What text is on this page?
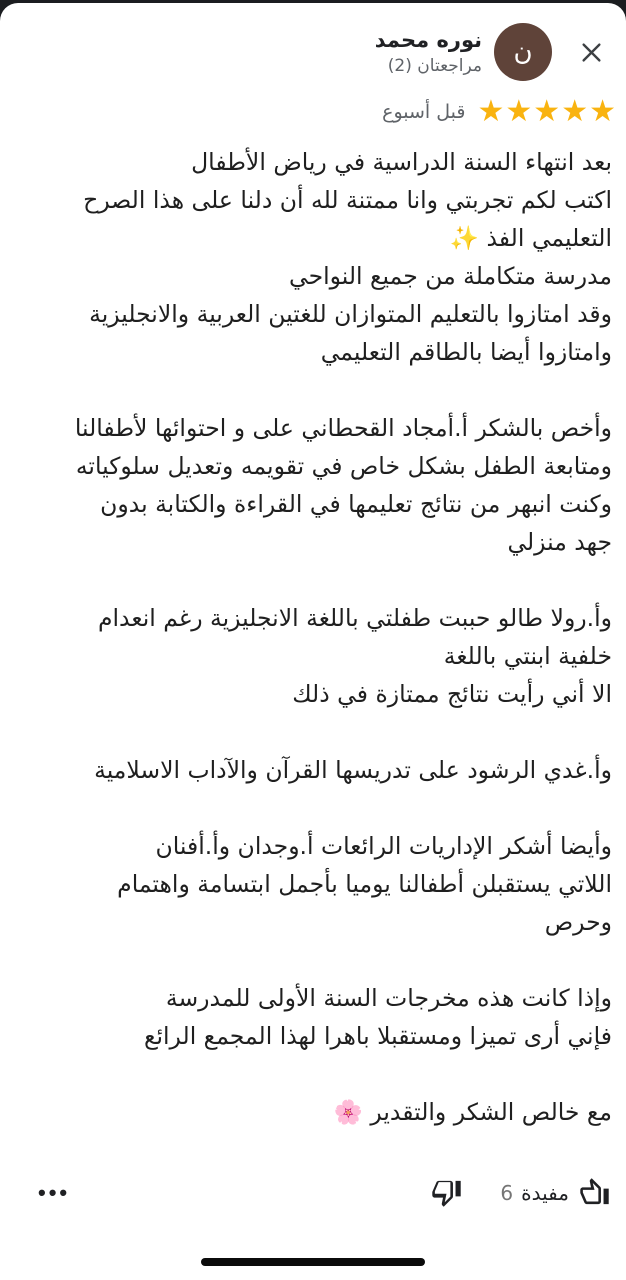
ن
نوره محمد
مراجعتان (2)
★
★
★
★
★
قبل أسبوع
بعد انتهاء السنة الدراسية في رياض الأطفال
اكتب لكم تجربتي وانا ممتنة لله أن دلنا على هذا الصرح
التعليمي الفذ ✨
مدرسة متكاملة من جميع النواحي
وقد امتازوا بالتعليم المتوازان للغتين العربية والانجليزية
وامتازوا أيضا بالطاقم التعليمي

وأخص بالشكر أ.أمجاد القحطاني على و احتوائها لأطفالنا
ومتابعة الطفل بشكل خاص في تقويمه وتعديل سلوكياته
وكنت انبهر من نتائج تعليمها في القراءة والكتابة بدون
جهد منزلي

وأ.رولا طالو حببت طفلتي باللغة الانجليزية رغم انعدام
خلفية ابنتي باللغة
الا أني رأيت نتائج ممتازة في ذلك

وأ.غدي الرشود على تدريسها القرآن والآداب الاسلامية

وأيضا أشكر الإداريات الرائعات أ.وجدان وأ.أفنان
اللاتي يستقبلن أطفالنا يوميا بأجمل ابتسامة واهتمام
وحرص

وإذا كانت هذه مخرجات السنة الأولى للمدرسة
فإني أرى تميزا ومستقبلا باهرا لهذا المجمع الرائع

مع خالص الشكر والتقدير 🌸
مفيدة
6
•••
